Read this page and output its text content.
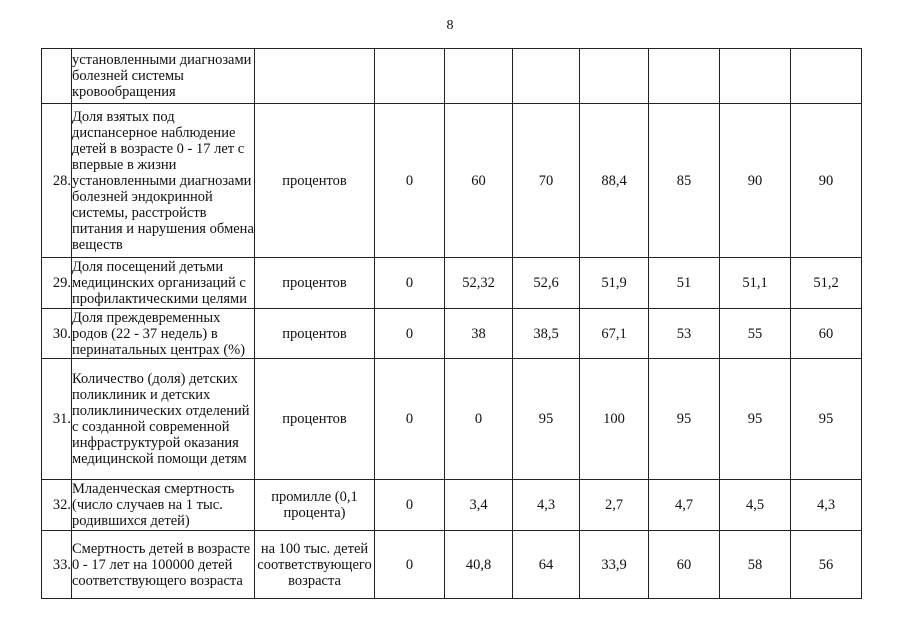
8
	установленными диагнозами болезней системы кровообращения								
28.	Доля взятых под диспансерное наблюдение детей в возрасте 0 - 17 лет с впервые в жизни установленными диагнозами болезней эндокринной системы, расстройств питания и нарушения обмена веществ	процентов	0	60	70	88,4	85	90	90
29.	Доля посещений детьми медицинских организаций с профилактическими целями	процентов	0	52,32	52,6	51,9	51	51,1	51,2
30.	Доля преждевременных родов (22 - 37 недель) в перинатальных центрах (%)	процентов	0	38	38,5	67,1	53	55	60
31.	Количество (доля) детских поликлиник и детских поликлинических отделений с созданной современной инфраструктурой оказания медицинской помощи детям	процентов	0	0	95	100	95	95	95
32.	Младенческая смертность (число случаев на 1 тыс. родившихся детей)	промилле (0,1 процента)	0	3,4	4,3	2,7	4,7	4,5	4,3
33.	Смертность детей в возрасте 0 - 17 лет на 100000 детей соответствующего возраста	на 100 тыс. детей соответствующего возраста	0	40,8	64	33,9	60	58	56
